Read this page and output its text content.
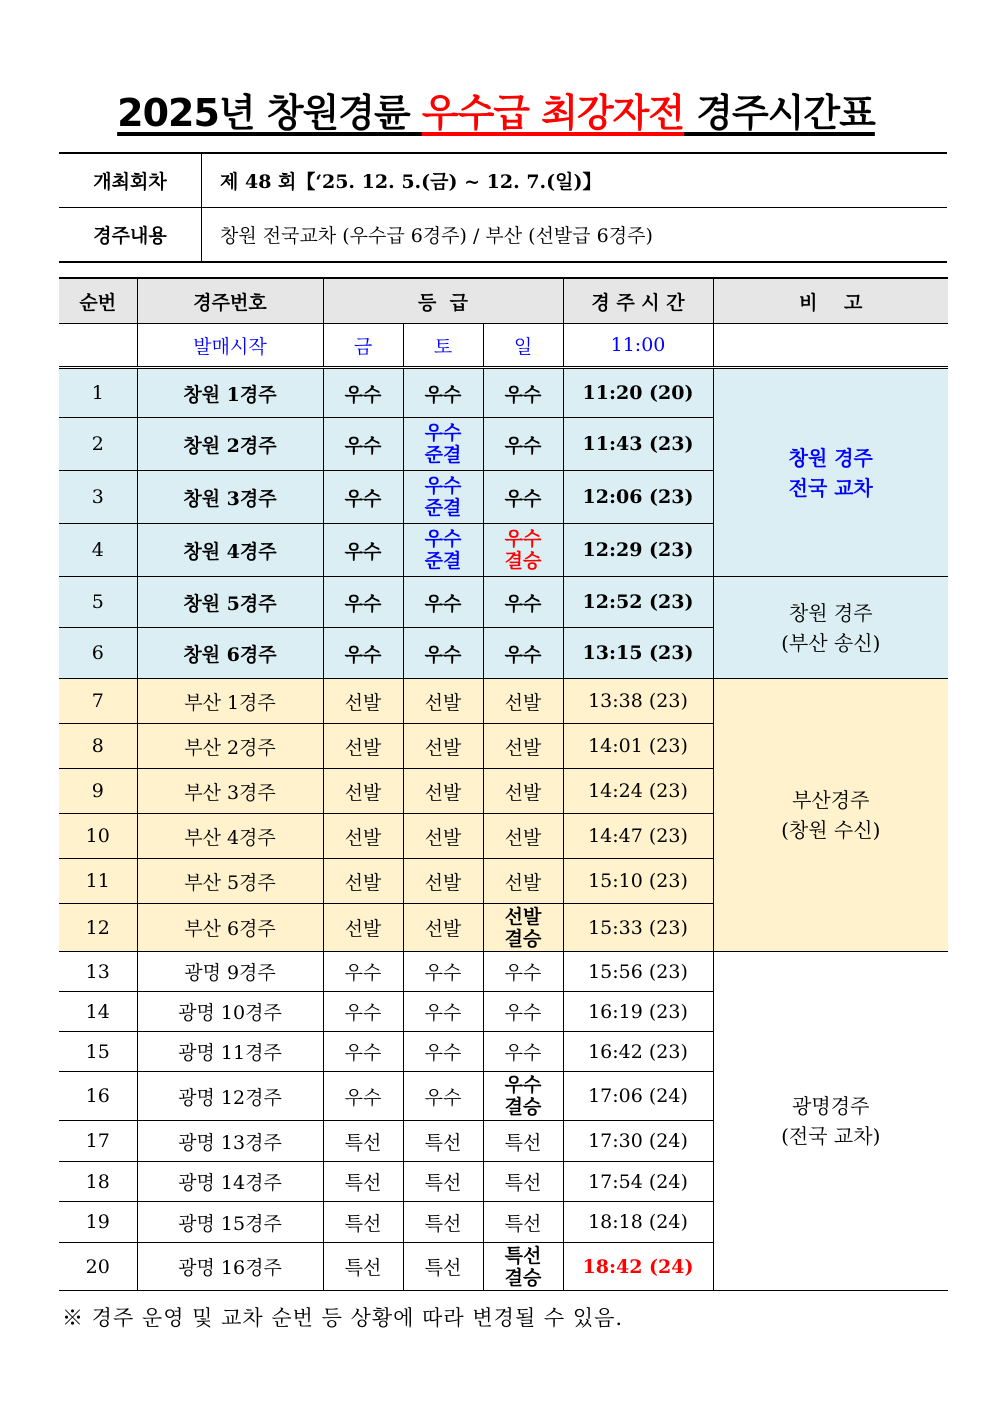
2025년 창원경륜 우수급 최강자전 경주시간표
개최회차	제 48 회【‘25. 12. 5.(금) ~ 12. 7.(일)】
경주내용	창원 전국교차 (우수급 6경주) / 부산 (선발급 6경주)
순번	경주번호	등  급			경 주 시 간	비    고
	발매시작	금	토	일	11:00	
1	창원 1경주	우수	우수	우수	11:20 (20)	창원 경주
전국 교차
2	창원 2경주	우수	우수 준결	우수	11:43 (23)	
3	창원 3경주	우수	우수 준결	우수	12:06 (23)	
4	창원 4경주	우수	우수 준결	우수 결승	12:29 (23)	
5	창원 5경주	우수	우수	우수	12:52 (23)	창원 경주
(부산 송신)
6	창원 6경주	우수	우수	우수	13:15 (23)	
7	부산 1경주	선발	선발	선발	13:38 (23)	부산경주
(창원 수신)
8	부산 2경주	선발	선발	선발	14:01 (23)	
9	부산 3경주	선발	선발	선발	14:24 (23)	
10	부산 4경주	선발	선발	선발	14:47 (23)	
11	부산 5경주	선발	선발	선발	15:10 (23)	
12	부산 6경주	선발	선발	선발 결승	15:33 (23)	
13	광명 9경주	우수	우수	우수	15:56 (23)	광명경주
(전국 교차)
14	광명 10경주	우수	우수	우수	16:19 (23)	
15	광명 11경주	우수	우수	우수	16:42 (23)	
16	광명 12경주	우수	우수	우수 결승	17:06 (24)	
17	광명 13경주	특선	특선	특선	17:30 (24)	
18	광명 14경주	특선	특선	특선	17:54 (24)	
19	광명 15경주	특선	특선	특선	18:18 (24)	
20	광명 16경주	특선	특선	특선 결승	18:42 (24)	
※ 경주 운영 및 교차 순번 등 상황에 따라 변경될 수 있음.
